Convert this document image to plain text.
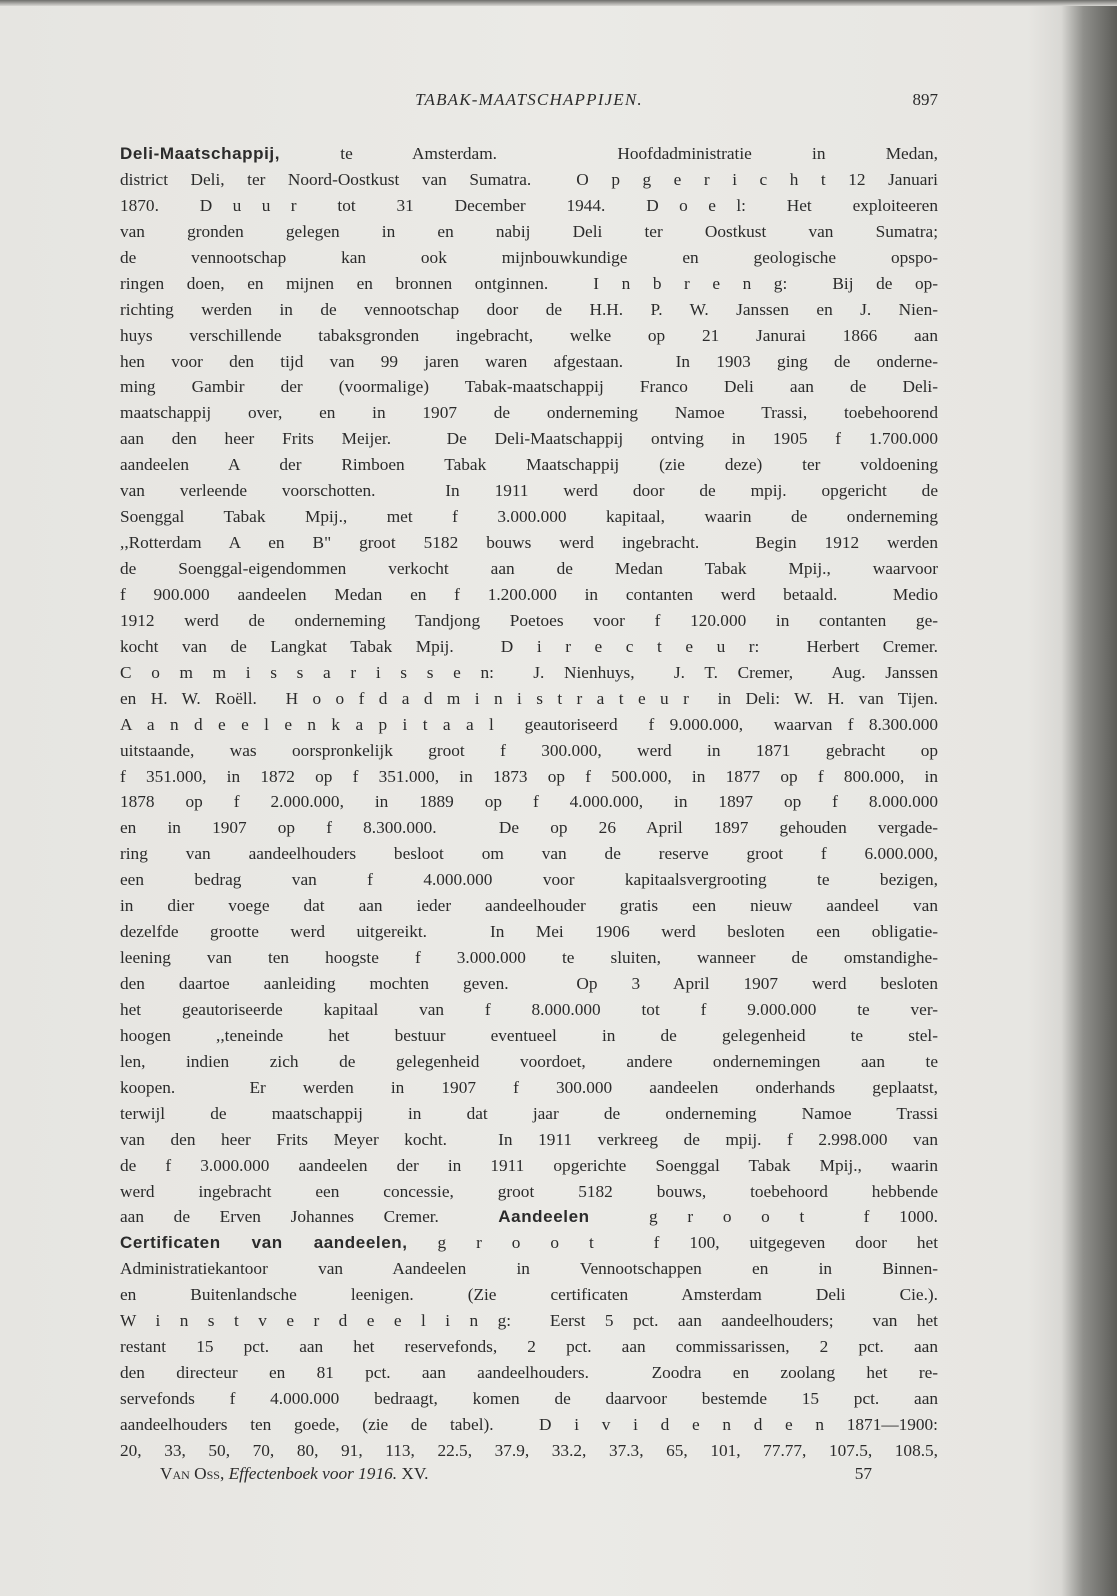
TABAK-MAATSCHAPPIJEN.	897
Deli-Maatschappij, te Amsterdam.  Hoofdadministratie in Medan,
district Deli, ter Noord-Oostkust van Sumatra.  O p g e r i c h t 12 Januari
1870.  D u u r  tot  31  December  1944.  D o e l:  Het  exploiteeren
van gronden gelegen in en nabij Deli ter Oostkust van Sumatra;
de vennootschap kan ook mijnbouwkundige en geologische opspo-
ringen doen, en mijnen en bronnen ontginnen.  I n b r e n g:  Bij de op-
richting werden in de vennootschap door de H.H. P. W. Janssen en J. Nien-
huys verschillende tabaksgronden ingebracht, welke op 21 Janurai 1866 aan
hen voor den tijd van 99 jaren waren afgestaan.  In 1903 ging de onderne-
ming Gambir der (voormalige) Tabak-maatschappij Franco Deli aan de Deli-
maatschappij over, en in 1907 de onderneming Namoe Trassi, toebehoorend
aan den heer Frits Meijer.  De Deli-Maatschappij ontving in 1905 f 1.700.000
aandeelen A der Rimboen Tabak Maatschappij (zie deze) ter voldoening
van verleende voorschotten.  In 1911 werd door de mpij. opgericht de
Soenggal Tabak Mpij., met f 3.000.000 kapitaal, waarin de onderneming
,,Rotterdam A en B" groot 5182 bouws werd ingebracht.  Begin 1912 werden
de Soenggal-eigendommen verkocht aan de Medan Tabak Mpij., waarvoor
f 900.000 aandeelen Medan en f 1.200.000 in contanten werd betaald.  Medio
1912 werd de onderneming Tandjong Poetoes voor f 120.000 in contanten ge-
kocht van de Langkat Tabak Mpij.  D i r e c t e u r:  Herbert Cremer.
C o m m i s s a r i s s e n:  J. Nienhuys,  J. T. Cremer,  Aug. Janssen
en H. W. Roëll.  H o o f d a d m i n i s t r a t e u r  in Deli: W. H. van Tijen.
A a n d e e l e n k a p i t a a l  geautoriseerd  f 9.000.000,  waarvan f 8.300.000
uitstaande, was oorspronkelijk groot f 300.000, werd in 1871 gebracht op
f 351.000, in 1872 op f 351.000, in 1873 op f 500.000, in 1877 op f 800.000, in
1878 op f 2.000.000, in 1889 op f 4.000.000, in 1897 op f 8.000.000
en in 1907 op f 8.300.000.  De op 26 April 1897 gehouden vergade-
ring van aandeelhouders besloot om van de reserve groot f 6.000.000,
een bedrag van f 4.000.000 voor kapitaalsvergrooting te bezigen,
in dier voege dat aan ieder aandeelhouder gratis een nieuw aandeel van
dezelfde grootte werd uitgereikt.  In Mei 1906 werd besloten een obligatie-
leening van ten hoogste f 3.000.000 te sluiten, wanneer de omstandighe-
den daartoe aanleiding mochten geven.  Op 3 April 1907 werd besloten
het geautoriseerde kapitaal van f 8.000.000 tot f 9.000.000 te ver-
hoogen ,,teneinde het bestuur eventueel in de gelegenheid te stel-
len, indien zich de gelegenheid voordoet, andere ondernemingen aan te
koopen.  Er werden in 1907 f 300.000 aandeelen onderhands geplaatst,
terwijl de maatschappij in dat jaar de onderneming Namoe Trassi
van den heer Frits Meyer kocht.  In 1911 verkreeg de mpij. f 2.998.000 van
de f 3.000.000 aandeelen der in 1911 opgerichte Soenggal Tabak Mpij., waarin
werd ingebracht een concessie, groot 5182 bouws, toebehoord hebbende
aan de Erven Johannes Cremer.  Aandeelen  g r o o t  f 1000.
Certificaten van aandeelen, g r o o t  f 100, uitgegeven door het
Administratiekantoor van Aandeelen in Vennootschappen en in Binnen-
en Buitenlandsche leenigen. (Zie certificaten Amsterdam Deli Cie.).
W i n s t v e r d e e l i n g:  Eerst 5 pct. aan aandeelhouders;  van het
restant 15 pct. aan het reservefonds, 2 pct. aan commissarissen, 2 pct. aan
den directeur en 81 pct. aan aandeelhouders.  Zoodra en zoolang het re-
servefonds f 4.000.000 bedraagt, komen de daarvoor bestemde 15 pct. aan
aandeelhouders ten goede, (zie de tabel).  D i v i d e n d e n 1871—1900:
20, 33, 50, 70, 80, 91, 113, 22.5, 37.9, 33.2, 37.3, 65, 101, 77.77, 107.5, 108.5,
Van Oss, Effectenboek voor 1916. XV.	57
